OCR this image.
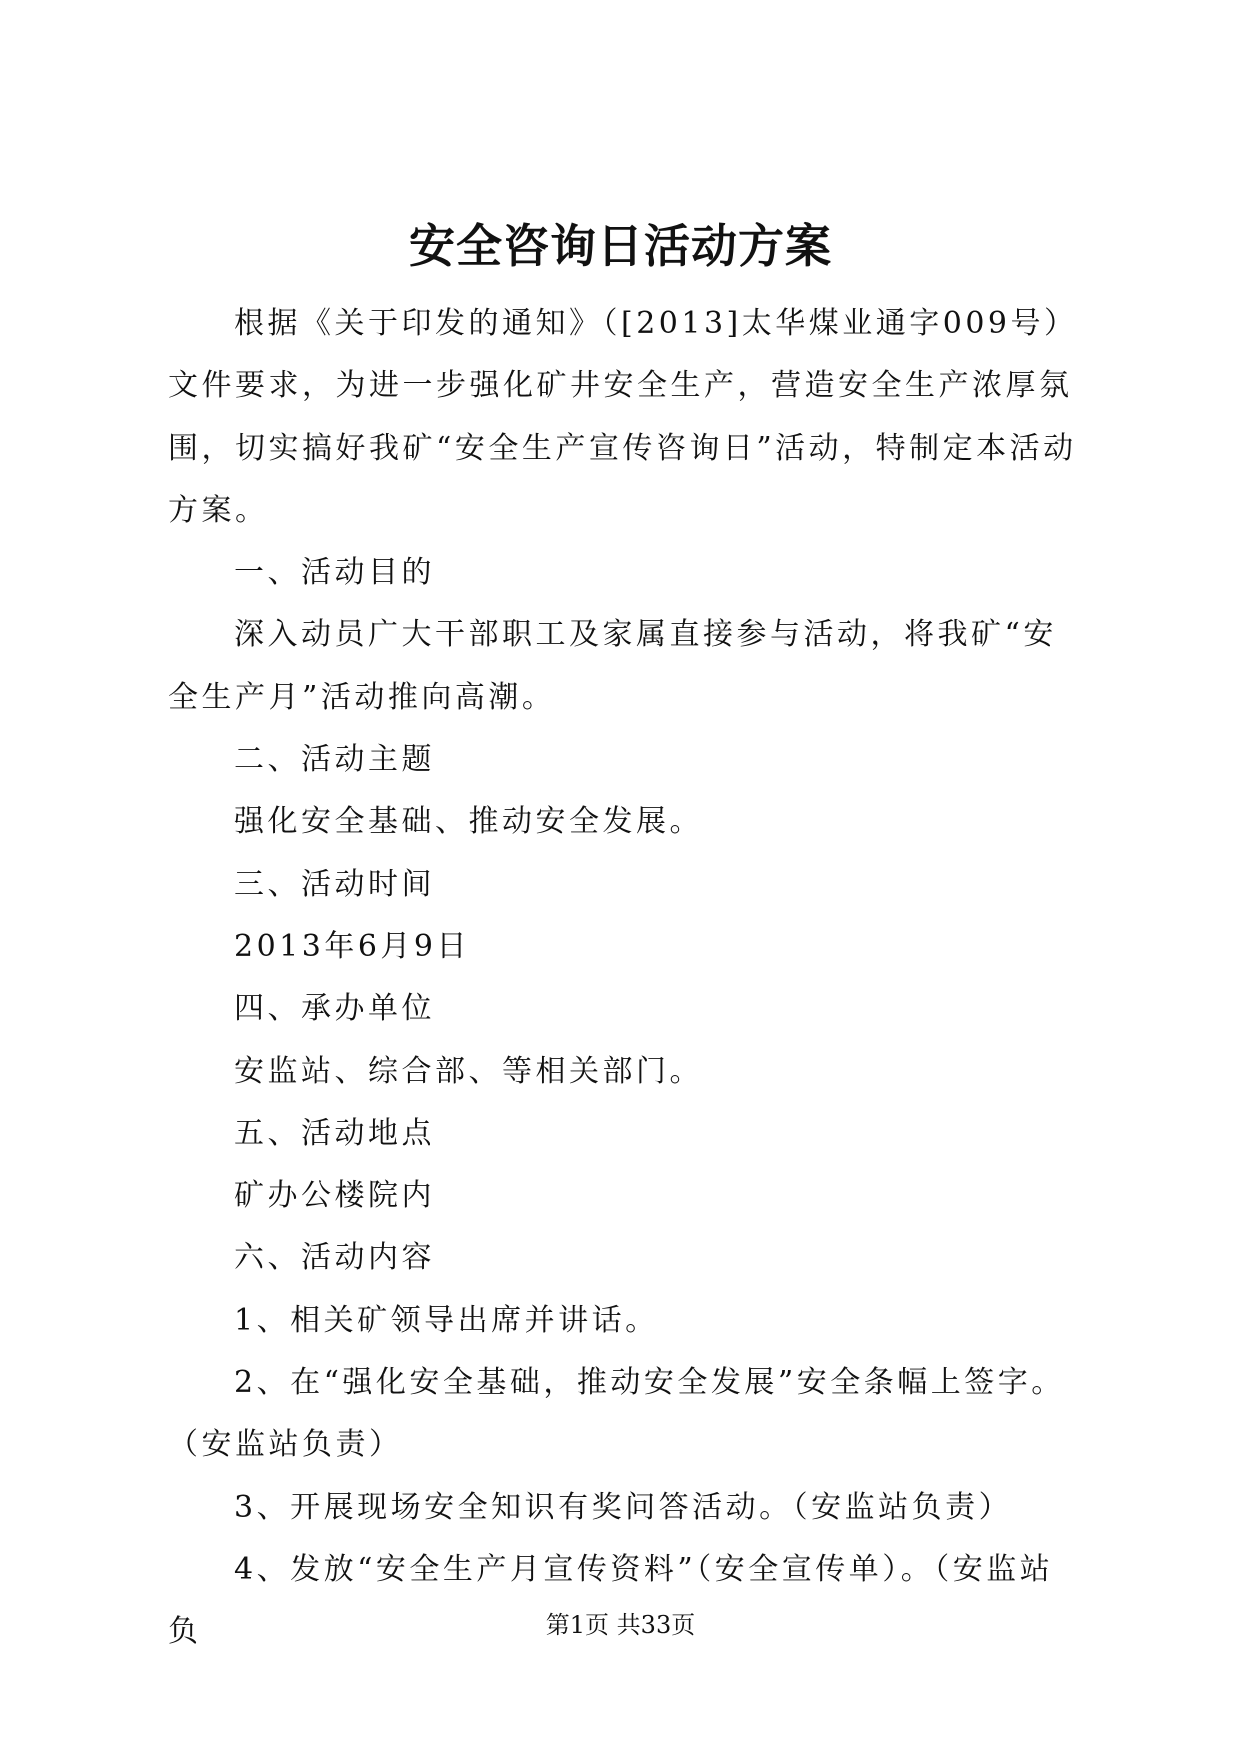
安全咨询日活动方案

根据《关于印发的通知》（[2013]太华煤业通字009号）文件要求，为进一步强化矿井安全生产，营造安全生产浓厚氛围，切实搞好我矿“安全生产宣传咨询日”活动，特制定本活动方案。

一、活动目的

深入动员广大干部职工及家属直接参与活动，将我矿“安全生产月”活动推向高潮。

二、活动主题

强化安全基础、推动安全发展。

三、活动时间

2013年6月9日

四、承办单位

安监站、综合部、等相关部门。

五、活动地点

矿办公楼院内

六、活动内容

1、相关矿领导出席并讲话。

2、在“强化安全基础，推动安全发展”安全条幅上签字。（安监站负责）

3、开展现场安全知识有奖问答活动。（安监站负责）

4、发放“安全生产月宣传资料”（安全宣传单）。（安监站负	第1页 共33页
